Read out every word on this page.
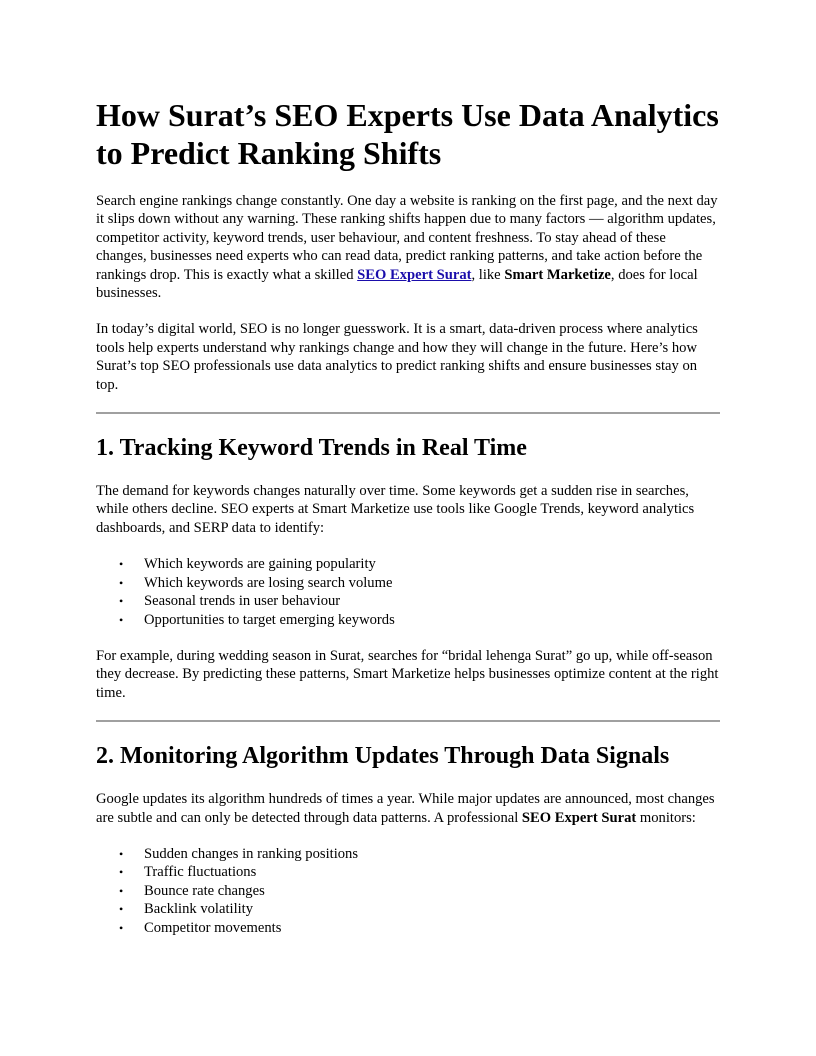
How Surat’s SEO Experts Use Data Analytics to Predict Ranking Shifts

Search engine rankings change constantly. One day a website is ranking on the first page, and the next day it slips down without any warning. These ranking shifts happen due to many factors — algorithm updates, competitor activity, keyword trends, user behaviour, and content freshness. To stay ahead of these changes, businesses need experts who can read data, predict ranking patterns, and take action before the rankings drop. This is exactly what a skilled SEO Expert Surat, like Smart Marketize, does for local businesses.

In today’s digital world, SEO is no longer guesswork. It is a smart, data-driven process where analytics tools help experts understand why rankings change and how they will change in the future. Here’s how Surat’s top SEO professionals use data analytics to predict ranking shifts and ensure businesses stay on top.

1. Tracking Keyword Trends in Real Time

The demand for keywords changes naturally over time. Some keywords get a sudden rise in searches, while others decline. SEO experts at Smart Marketize use tools like Google Trends, keyword analytics dashboards, and SERP data to identify:

• Which keywords are gaining popularity
• Which keywords are losing search volume
• Seasonal trends in user behaviour
• Opportunities to target emerging keywords

For example, during wedding season in Surat, searches for “bridal lehenga Surat” go up, while off-season they decrease. By predicting these patterns, Smart Marketize helps businesses optimize content at the right time.

2. Monitoring Algorithm Updates Through Data Signals

Google updates its algorithm hundreds of times a year. While major updates are announced, most changes are subtle and can only be detected through data patterns. A professional SEO Expert Surat monitors:

• Sudden changes in ranking positions
• Traffic fluctuations
• Bounce rate changes
• Backlink volatility
• Competitor movements
